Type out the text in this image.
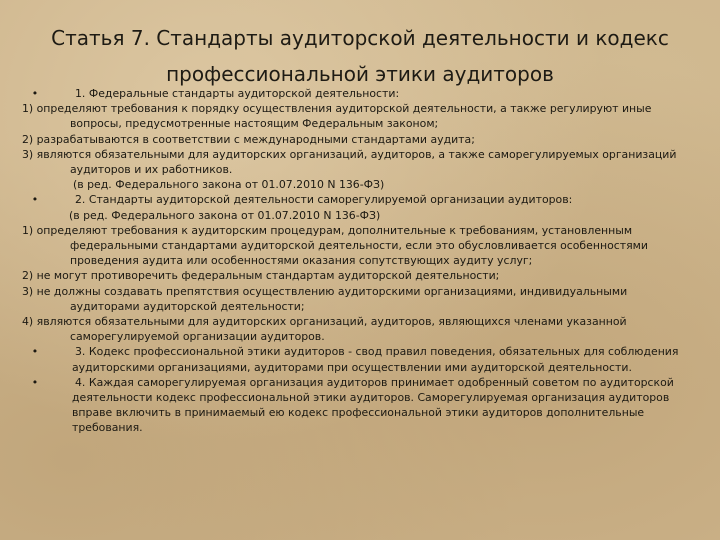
Статья 7. Стандарты аудиторской деятельности и кодекс
профессиональной этики аудиторов
•	1. Федеральные стандарты аудиторской деятельности:
1) определяют требования к порядку осуществления аудиторской деятельности, а также регулируют иные вопросы, предусмотренные настоящим Федеральным законом;
2) разрабатываются в соответствии с международными стандартами аудита;
3) являются обязательными для аудиторских организаций, аудиторов, а также саморегулируемых организаций аудиторов и их работников.
(в ред. Федерального закона от 01.07.2010 N 136-ФЗ)
•	2. Стандарты аудиторской деятельности саморегулируемой организации аудиторов:
(в ред. Федерального закона от 01.07.2010 N 136-ФЗ)
1) определяют требования к аудиторским процедурам, дополнительные к требованиям, установленным федеральными стандартами аудиторской деятельности, если это обусловливается особенностями проведения аудита или особенностями оказания сопутствующих аудиту услуг;
2) не могут противоречить федеральным стандартам аудиторской деятельности;
3) не должны создавать препятствия осуществлению аудиторскими организациями, индивидуальными аудиторами аудиторской деятельности;
4) являются обязательными для аудиторских организаций, аудиторов, являющихся членами указанной саморегулируемой организации аудиторов.
•	3. Кодекс профессиональной этики аудиторов - свод правил поведения, обязательных для соблюдения аудиторскими организациями, аудиторами при осуществлении ими аудиторской деятельности.
•	4. Каждая саморегулируемая организация аудиторов принимает одобренный советом по аудиторской деятельности кодекс профессиональной этики аудиторов. Саморегулируемая организация аудиторов вправе включить в принимаемый ею кодекс профессиональной этики аудиторов дополнительные требования.
